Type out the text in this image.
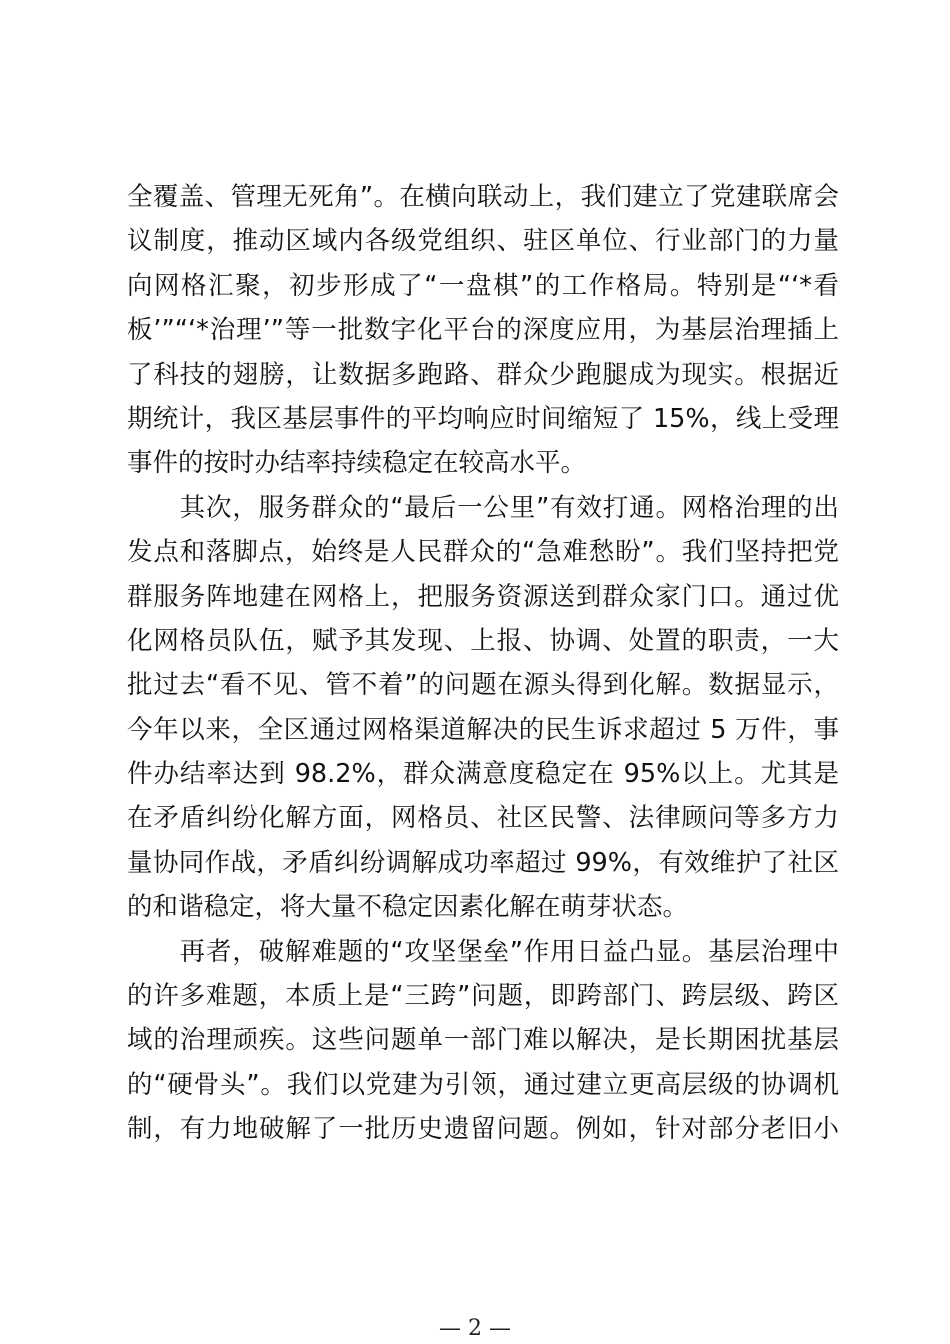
全覆盖、管理无死角”。在横向联动上，我们建立了党建联席会
议制度，推动区域内各级党组织、驻区单位、行业部门的力量
向网格汇聚，初步形成了“一盘棋”的工作格局。特别是“‘*看
板’”“‘*治理’”等一批数字化平台的深度应用，为基层治理插上
了科技的翅膀，让数据多跑路、群众少跑腿成为现实。根据近
期统计，我区基层事件的平均响应时间缩短了 15%，线上受理
事件的按时办结率持续稳定在较高水平。
　　其次，服务群众的“最后一公里”有效打通。网格治理的出
发点和落脚点，始终是人民群众的“急难愁盼”。我们坚持把党
群服务阵地建在网格上，把服务资源送到群众家门口。通过优
化网格员队伍，赋予其发现、上报、协调、处置的职责，一大
批过去“看不见、管不着”的问题在源头得到化解。数据显示，
今年以来，全区通过网格渠道解决的民生诉求超过 5 万件，事
件办结率达到 98.2%，群众满意度稳定在 95%以上。尤其是
在矛盾纠纷化解方面，网格员、社区民警、法律顾问等多方力
量协同作战，矛盾纠纷调解成功率超过 99%，有效维护了社区
的和谐稳定，将大量不稳定因素化解在萌芽状态。
　　再者，破解难题的“攻坚堡垒”作用日益凸显。基层治理中
的许多难题，本质上是“三跨”问题，即跨部门、跨层级、跨区
域的治理顽疾。这些问题单一部门难以解决，是长期困扰基层
的“硬骨头”。我们以党建为引领，通过建立更高层级的协调机
制，有力地破解了一批历史遗留问题。例如，针对部分老旧小
— 2 —
